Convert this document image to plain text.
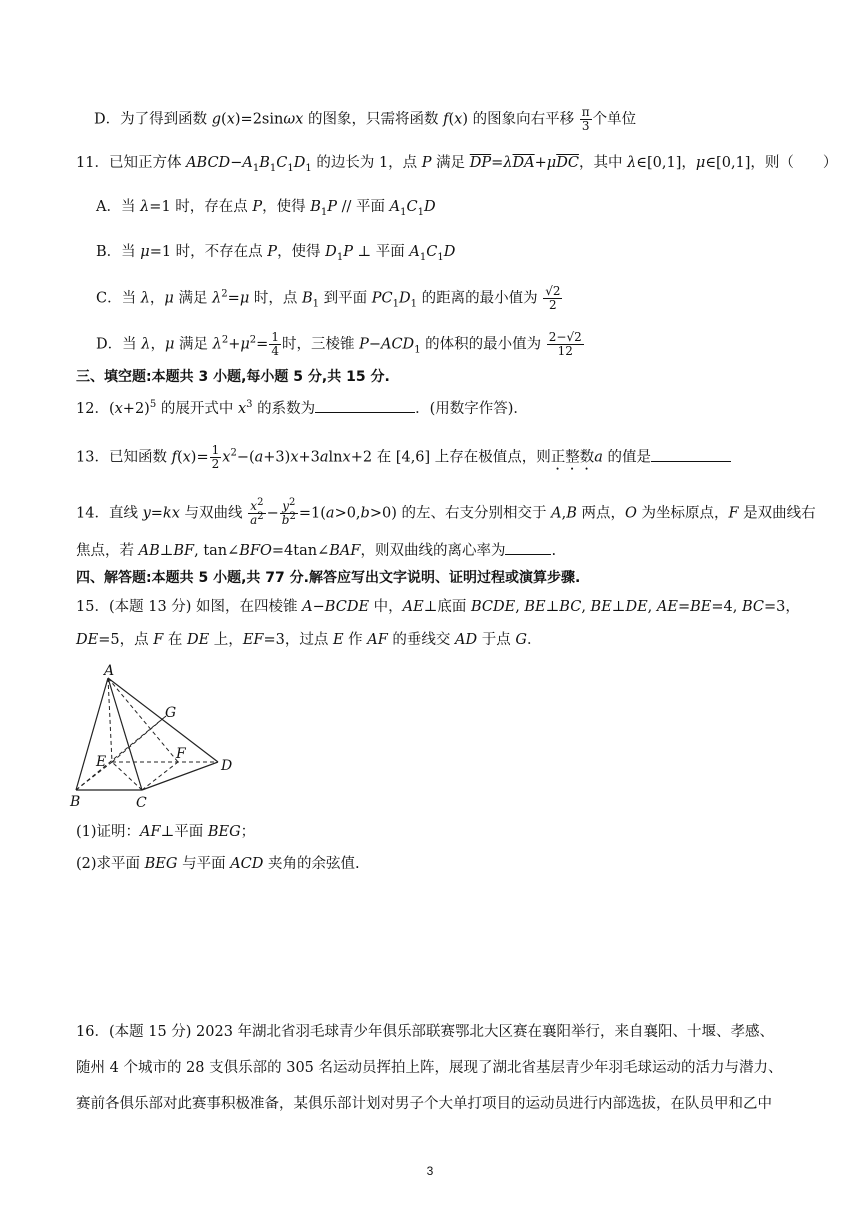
D．为了得到函数 g(x)=2sinωx 的图象，只需将函数 f(x) 的图象向右平移 $\frac{\pi}{3}$ 个单位
11．已知正方体 $ABCD-A_1B_1C_1D_1$ 的边长为 1，点 P 满足 $\overline{DP}=\lambda\overline{DA}+\mu\overline{DC}$，其中 λ∈[0,1]，μ∈[0,1]，则（　　）
A．当 λ=1 时，存在点 P，使得 $B_1P$ // 平面 $A_1C_1D$
B．当 μ=1 时，不存在点 P，使得 $D_1P$ ⊥ 平面 $A_1C_1D$
C．当 λ，μ 满足 $\lambda^2=\mu$ 时，点 $B_1$ 到平面 $PC_1D_1$ 的距离的最小值为 $\frac{√2}{2}$
D．当 λ，μ 满足 $\lambda^2+\mu^2= \frac{1}{4}$ 时，三棱锥 $P-ACD_1$ 的体积的最小值为 $\frac{2-√2}{12}$
三、填空题:本题共 3 小题,每小题 5 分,共 15 分.
12．$(x+2)^5$ 的展开式中 $x^3$ 的系数为	．(用数字作答)．
13．已知函数 $f(x)= \frac{1}{2} x^2-(a+3)x+3alnx+2$ 在 [4,6] 上存在极值点，则正整数a 的值是
14．直线 y=kx 与双曲线 $\frac{x^2}{a^2} - \frac{y^2}{b^2} =1(a>0,b>0)$ 的左、右支分别相交于 A,B 两点，O 为坐标原点，F 是双曲线右
焦点，若 AB⊥BF, tan∠BFO=4tan∠BAF，则双曲线的离心率为	.
四、解答题:本题共 5 小题,共 77 分.解答应写出文字说明、证明过程或演算步骤.
15．(本题 13 分) 如图，在四棱锥 A−BCDE 中，AE⊥底面 BCDE, BE⊥BC, BE⊥DE, AE=BE=4, BC=3，
DE=5，点 F 在 DE 上，EF=3，过点 E 作 AF 的垂线交 AD 于点 G．
A
G
E	F
D
B	C
(1)证明：AF⊥平面 BEG；
(2)求平面 BEG 与平面 ACD 夹角的余弦值.
16．(本题 15 分) 2023 年湖北省羽毛球青少年俱乐部联赛鄂北大区赛在襄阳举行，来自襄阳、十堰、孝感、
随州 4 个城市的 28 支俱乐部的 305 名运动员挥拍上阵，展现了湖北省基层青少年羽毛球运动的活力与潜力、
赛前各俱乐部对此赛事积极准备，某俱乐部计划对男子个大单打项目的运动员进行内部选拔，在队员甲和乙中
3
